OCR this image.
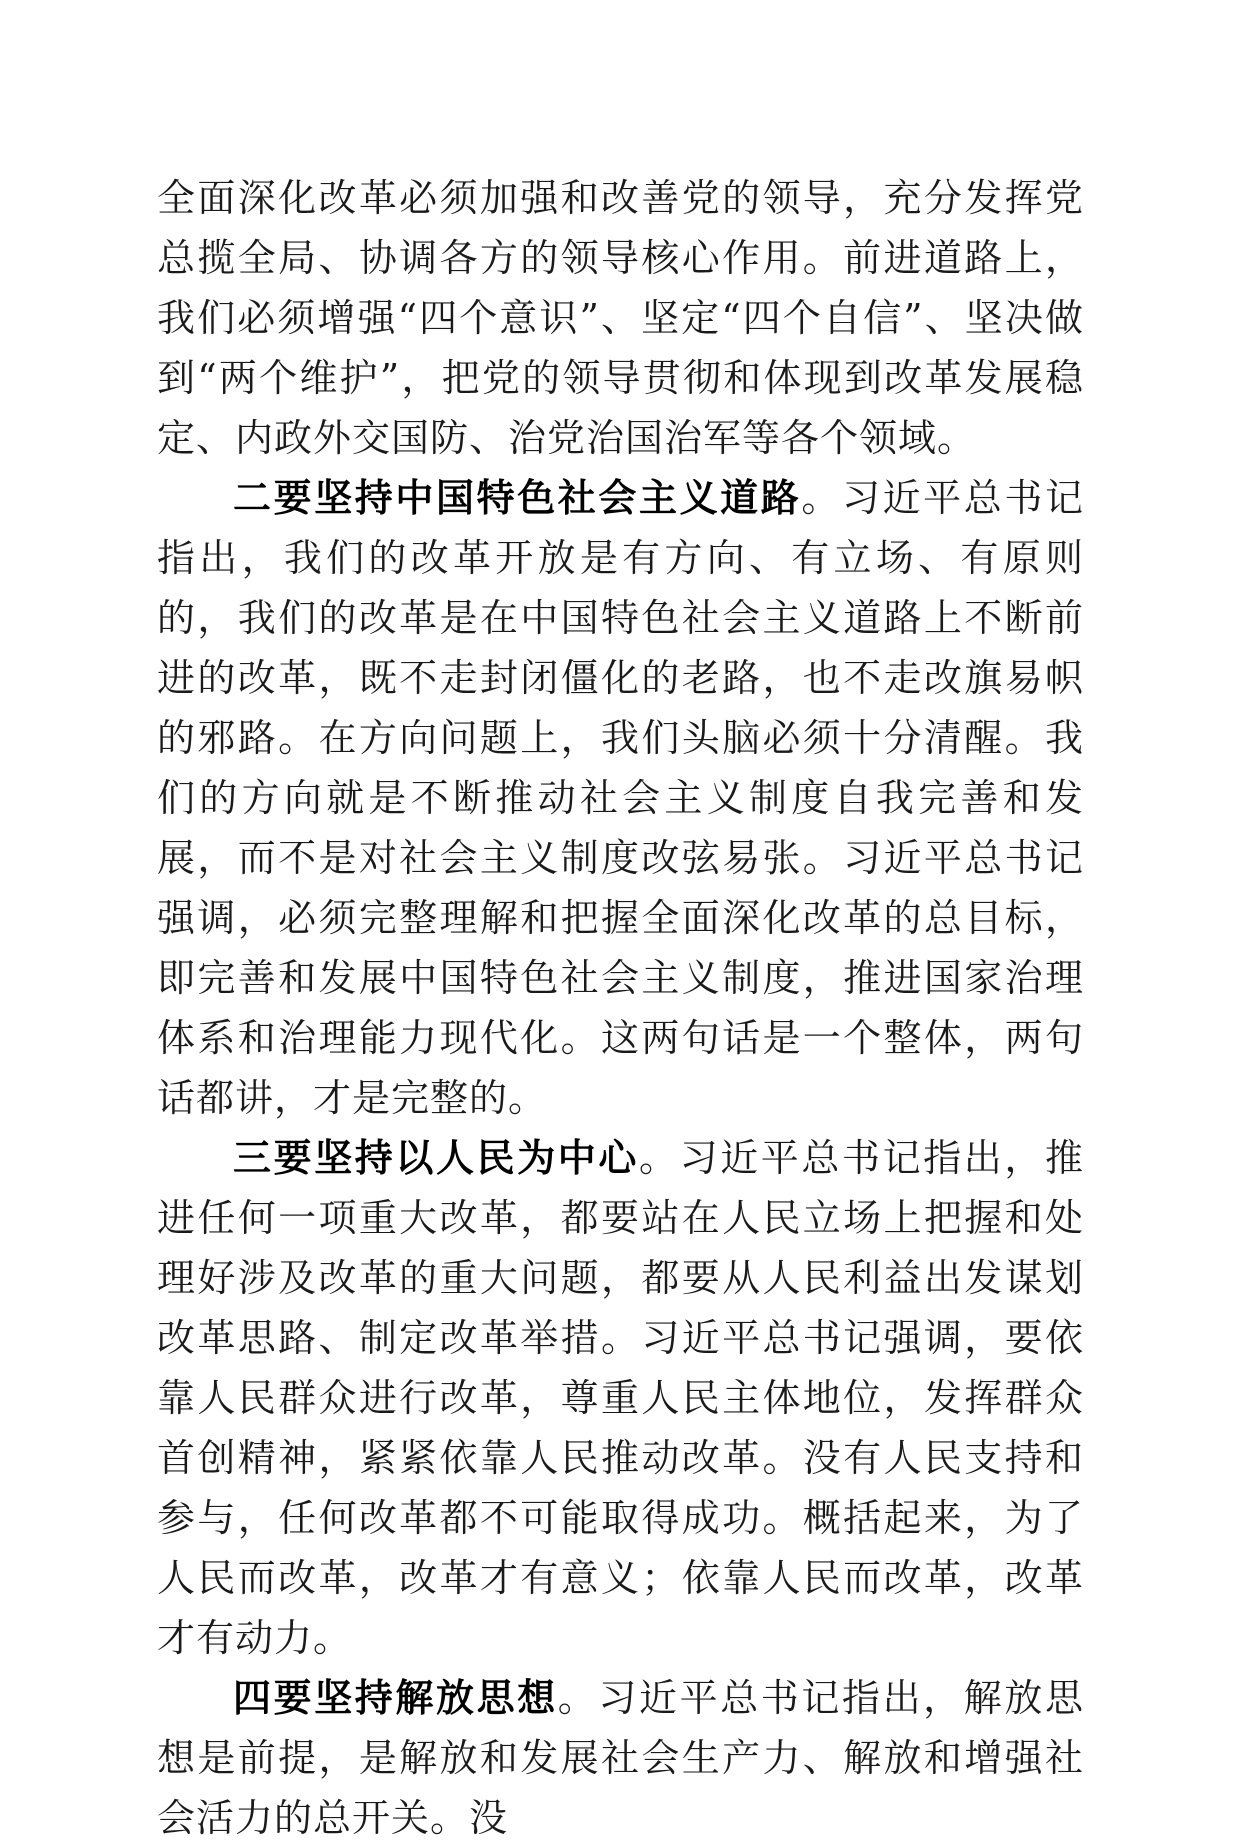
全面深化改革必须加强和改善党的领导，充分发挥党总揽全局、协调各方的领导核心作用。前进道路上，我们必须增强“四个意识”、坚定“四个自信”、坚决做到“两个维护”，把党的领导贯彻和体现到改革发展稳定、内政外交国防、治党治国治军等各个领域。

二要坚持中国特色社会主义道路。习近平总书记指出，我们的改革开放是有方向、有立场、有原则的，我们的改革是在中国特色社会主义道路上不断前进的改革，既不走封闭僵化的老路，也不走改旗易帜的邪路。在方向问题上，我们头脑必须十分清醒。我们的方向就是不断推动社会主义制度自我完善和发展，而不是对社会主义制度改弦易张。习近平总书记强调，必须完整理解和把握全面深化改革的总目标，即完善和发展中国特色社会主义制度，推进国家治理体系和治理能力现代化。这两句话是一个整体，两句话都讲，才是完整的。

三要坚持以人民为中心。习近平总书记指出，推进任何一项重大改革，都要站在人民立场上把握和处理好涉及改革的重大问题，都要从人民利益出发谋划改革思路、制定改革举措。习近平总书记强调，要依靠人民群众进行改革，尊重人民主体地位，发挥群众首创精神，紧紧依靠人民推动改革。没有人民支持和参与，任何改革都不可能取得成功。概括起来，为了人民而改革，改革才有意义；依靠人民而改革，改革才有动力。

四要坚持解放思想。习近平总书记指出，解放思想是前提，是解放和发展社会生产力、解放和增强社会活力的总开关。没
